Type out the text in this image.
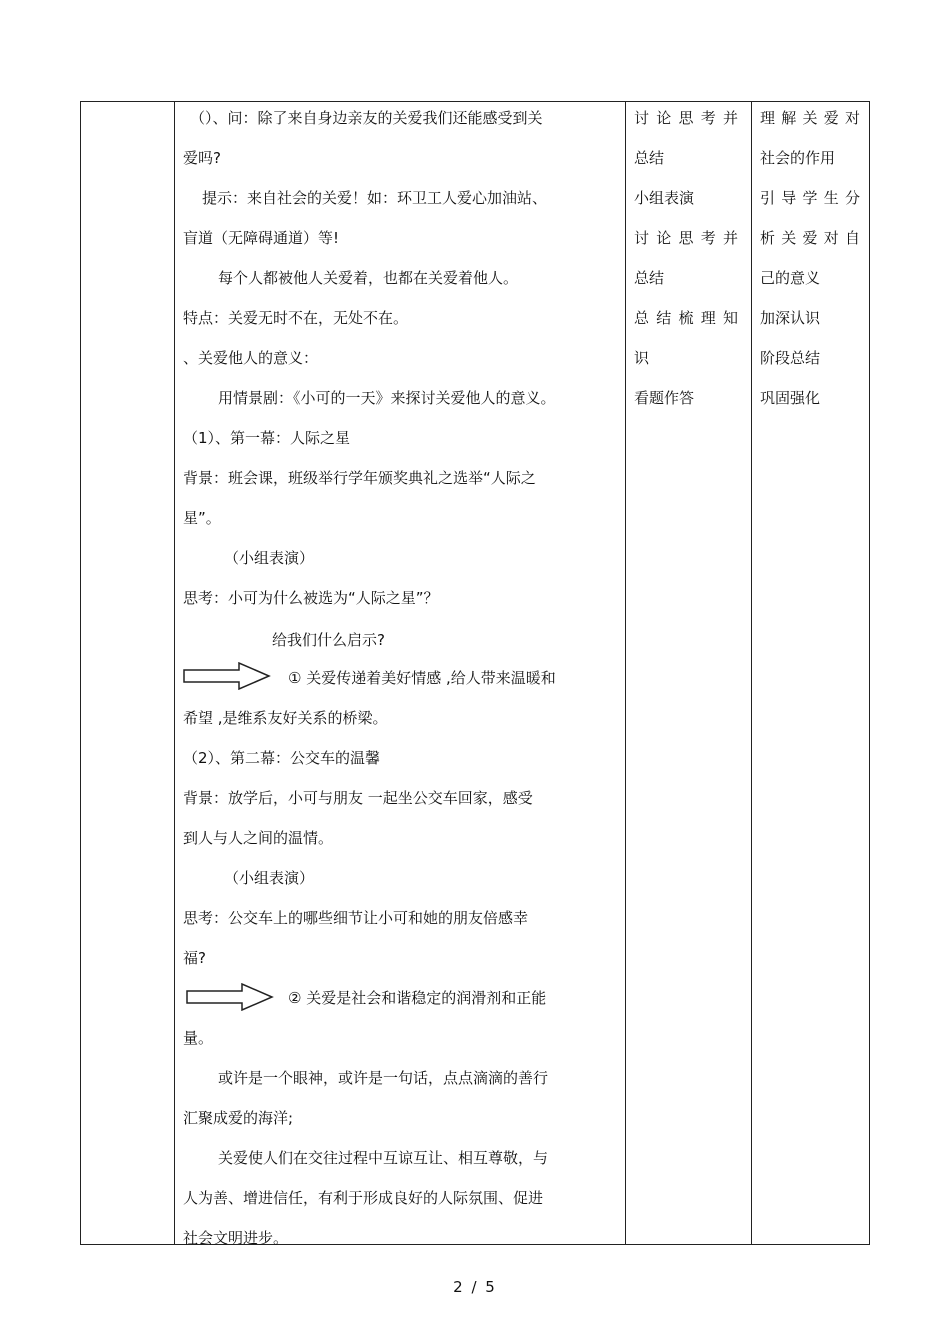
（）、问：除了来自身边亲友的关爱我们还能感受到关
爱吗?
提示：来自社会的关爱！如：环卫工人爱心加油站、
盲道（无障碍通道）等!
每个人都被他人关爱着，也都在关爱着他人。
特点：关爱无时不在，无处不在。
、关爱他人的意义：
用情景剧：《小可的一天》来探讨关爱他人的意义。
（1）、第一幕：人际之星
背景：班会课，班级举行学年颁奖典礼之选举“人际之
星”。
（小组表演）
思考：小可为什么被选为“人际之星”？
给我们什么启示?
① 关爱传递着美好情感 ,给人带来温暖和
希望 ,是维系友好关系的桥梁。
（2）、第二幕：公交车的温馨
背景：放学后，小可与朋友 一起坐公交车回家，感受
到人与人之间的温情。
（小组表演）
思考：公交车上的哪些细节让小可和她的朋友倍感幸
福?
② 关爱是社会和谐稳定的润滑剂和正能
量。
或许是一个眼神，或许是一句话，点点滴滴的善行
汇聚成爱的海洋;
关爱使人们在交往过程中互谅互让、相互尊敬，与
人为善、增进信任，有利于形成良好的人际氛围、促进
社会文明进步。
讨 论 思 考 并
总结
小组表演
讨 论 思 考 并
总结
总 结 梳 理 知
识
看题作答
理 解 关 爱 对
社会的作用
引 导 学 生 分
析 关 爱 对 自
己的意义
加深认识
阶段总结
巩固强化
2 / 5
